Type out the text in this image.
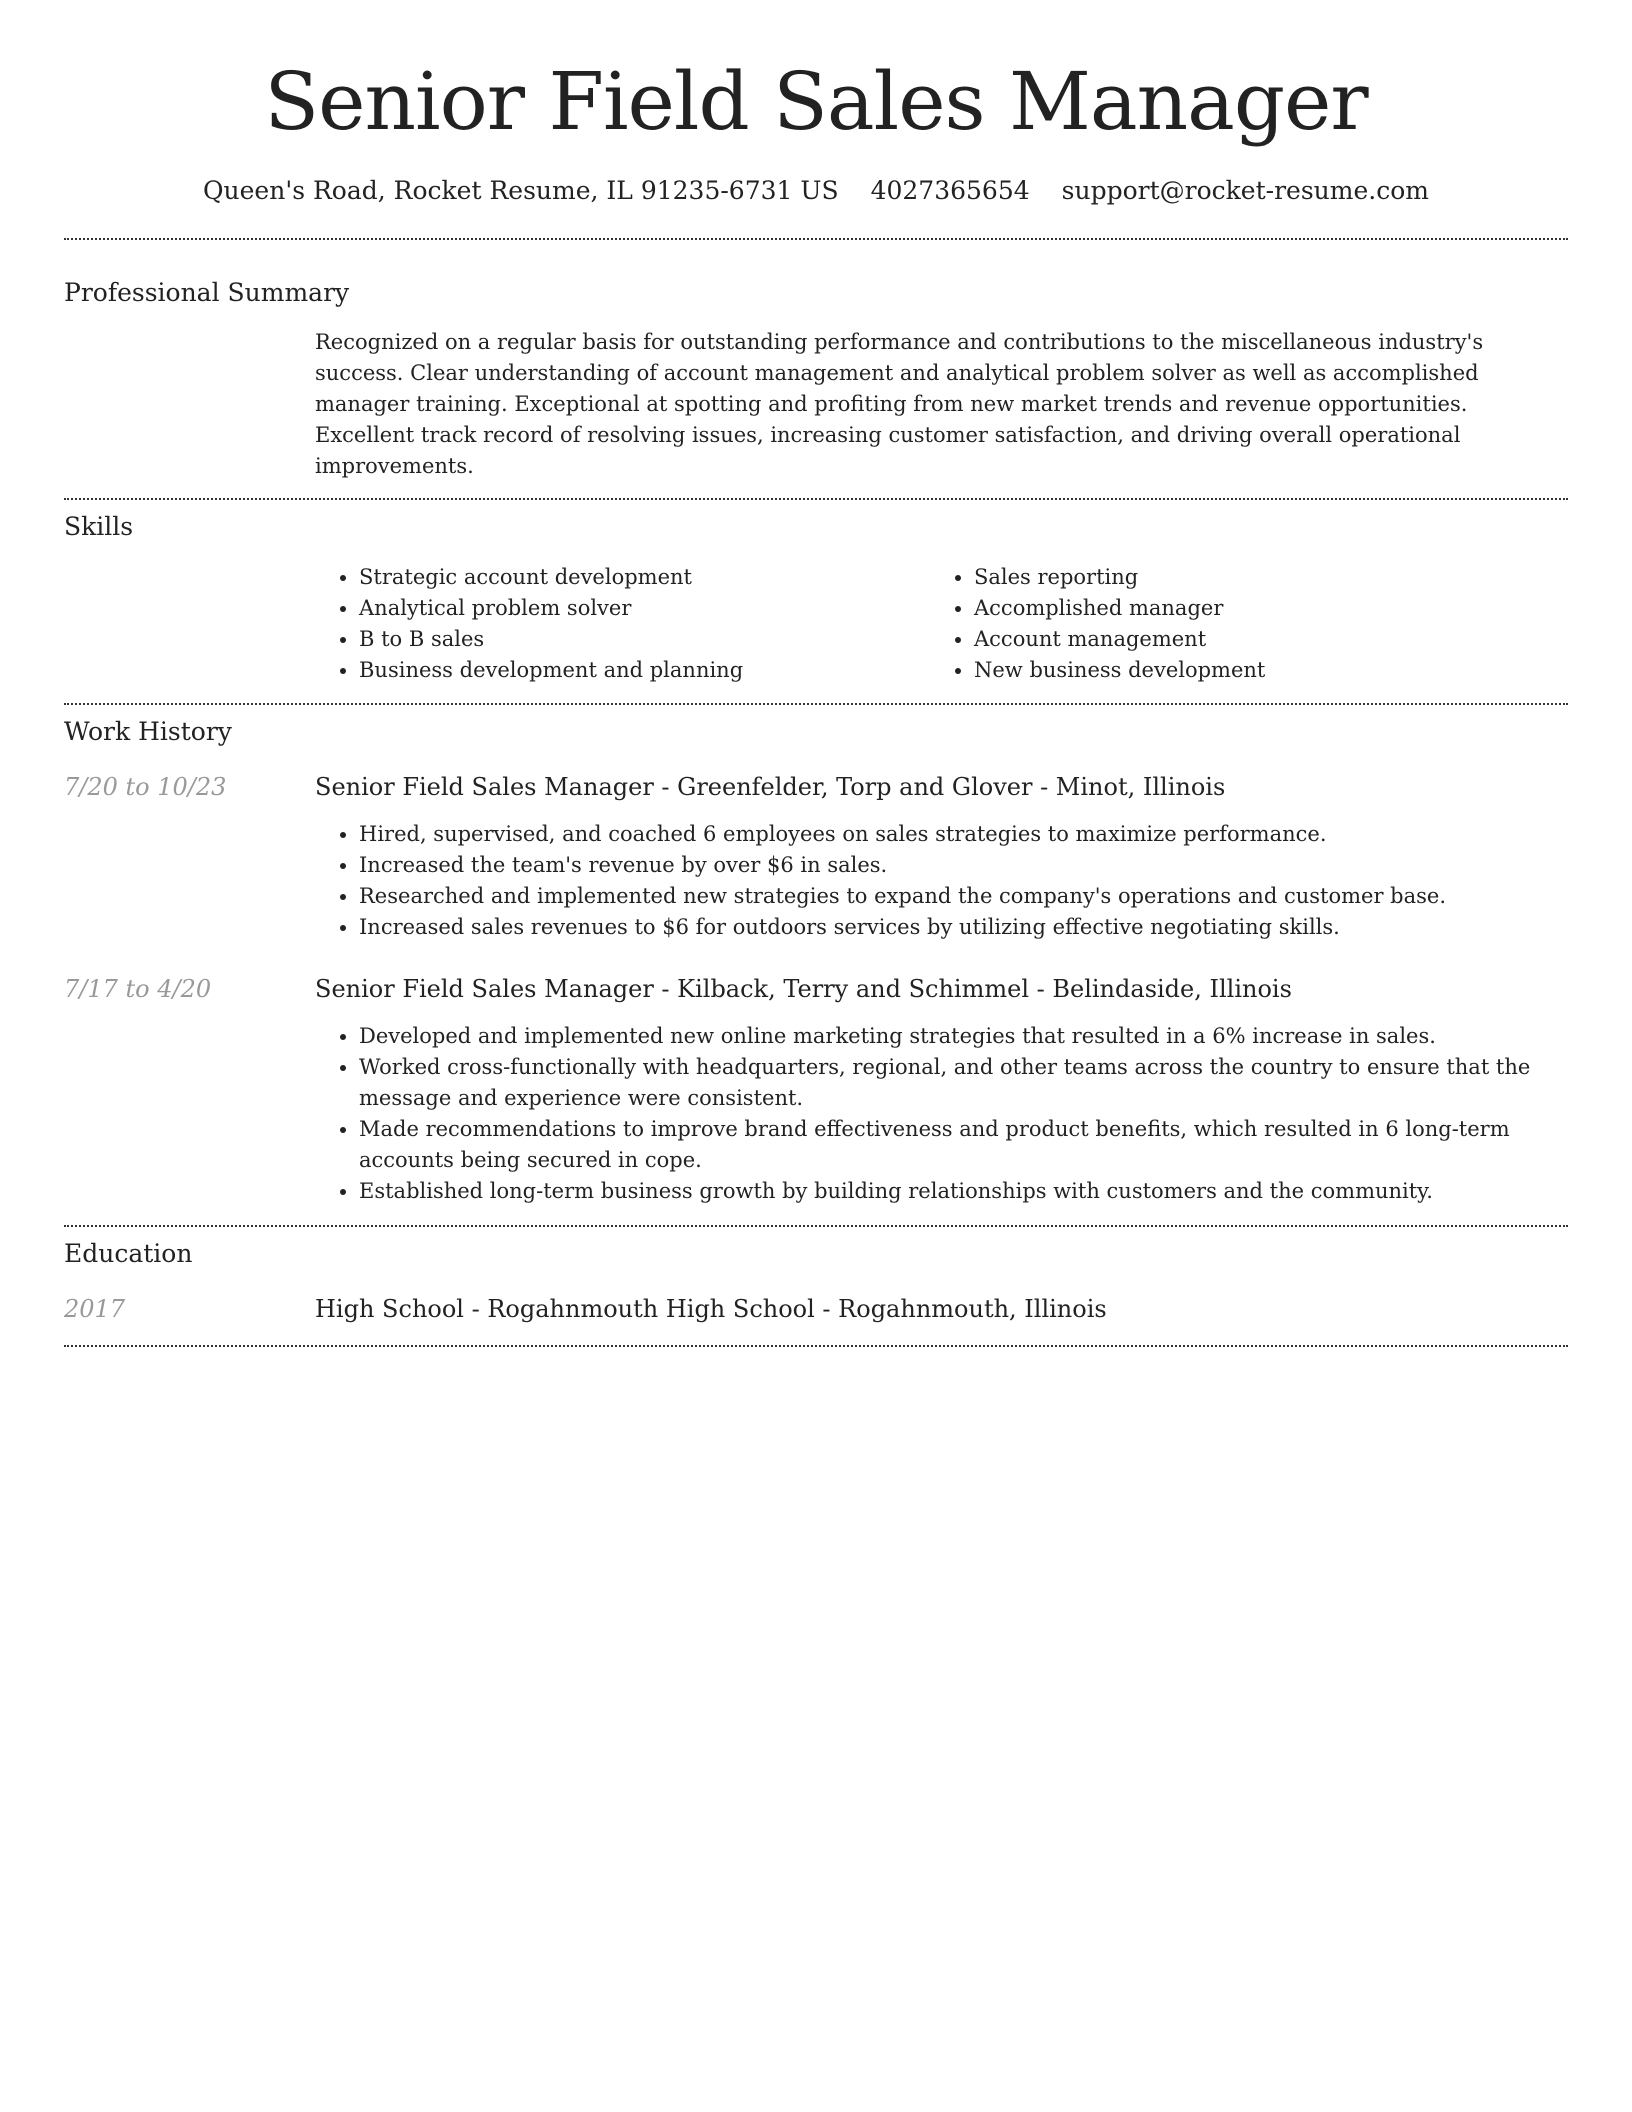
Senior Field Sales Manager
Queen's Road, Rocket Resume, IL 91235-6731 US 4027365654 support@rocket-resume.com
Professional Summary

Recognized on a regular basis for outstanding performance and contributions to the miscellaneous industry's success. Clear understanding of account management and analytical problem solver as well as accomplished manager training. Exceptional at spotting and profiting from new market trends and revenue opportunities. Excellent track record of resolving issues, increasing customer satisfaction, and driving overall operational improvements.

Skills
• Strategic account development
• Analytical problem solver
• B to B sales
• Business development and planning
• Sales reporting
• Accomplished manager
• Account management
• New business development
Work History
7/20 to 10/23	Senior Field Sales Manager - Greenfelder, Torp and Glover - Minot, Illinois
• Hired, supervised, and coached 6 employees on sales strategies to maximize performance.
• Increased the team's revenue by over $6 in sales.
• Researched and implemented new strategies to expand the company's operations and customer base.
• Increased sales revenues to $6 for outdoors services by utilizing effective negotiating skills.
7/17 to 4/20	Senior Field Sales Manager - Kilback, Terry and Schimmel - Belindaside, Illinois
• Developed and implemented new online marketing strategies that resulted in a 6% increase in sales.
• Worked cross-functionally with headquarters, regional, and other teams across the country to ensure that the message and experience were consistent.
• Made recommendations to improve brand effectiveness and product benefits, which resulted in 6 long-term accounts being secured in cope.
• Established long-term business growth by building relationships with customers and the community.
Education
2017	High School - Rogahnmouth High School - Rogahnmouth, Illinois
